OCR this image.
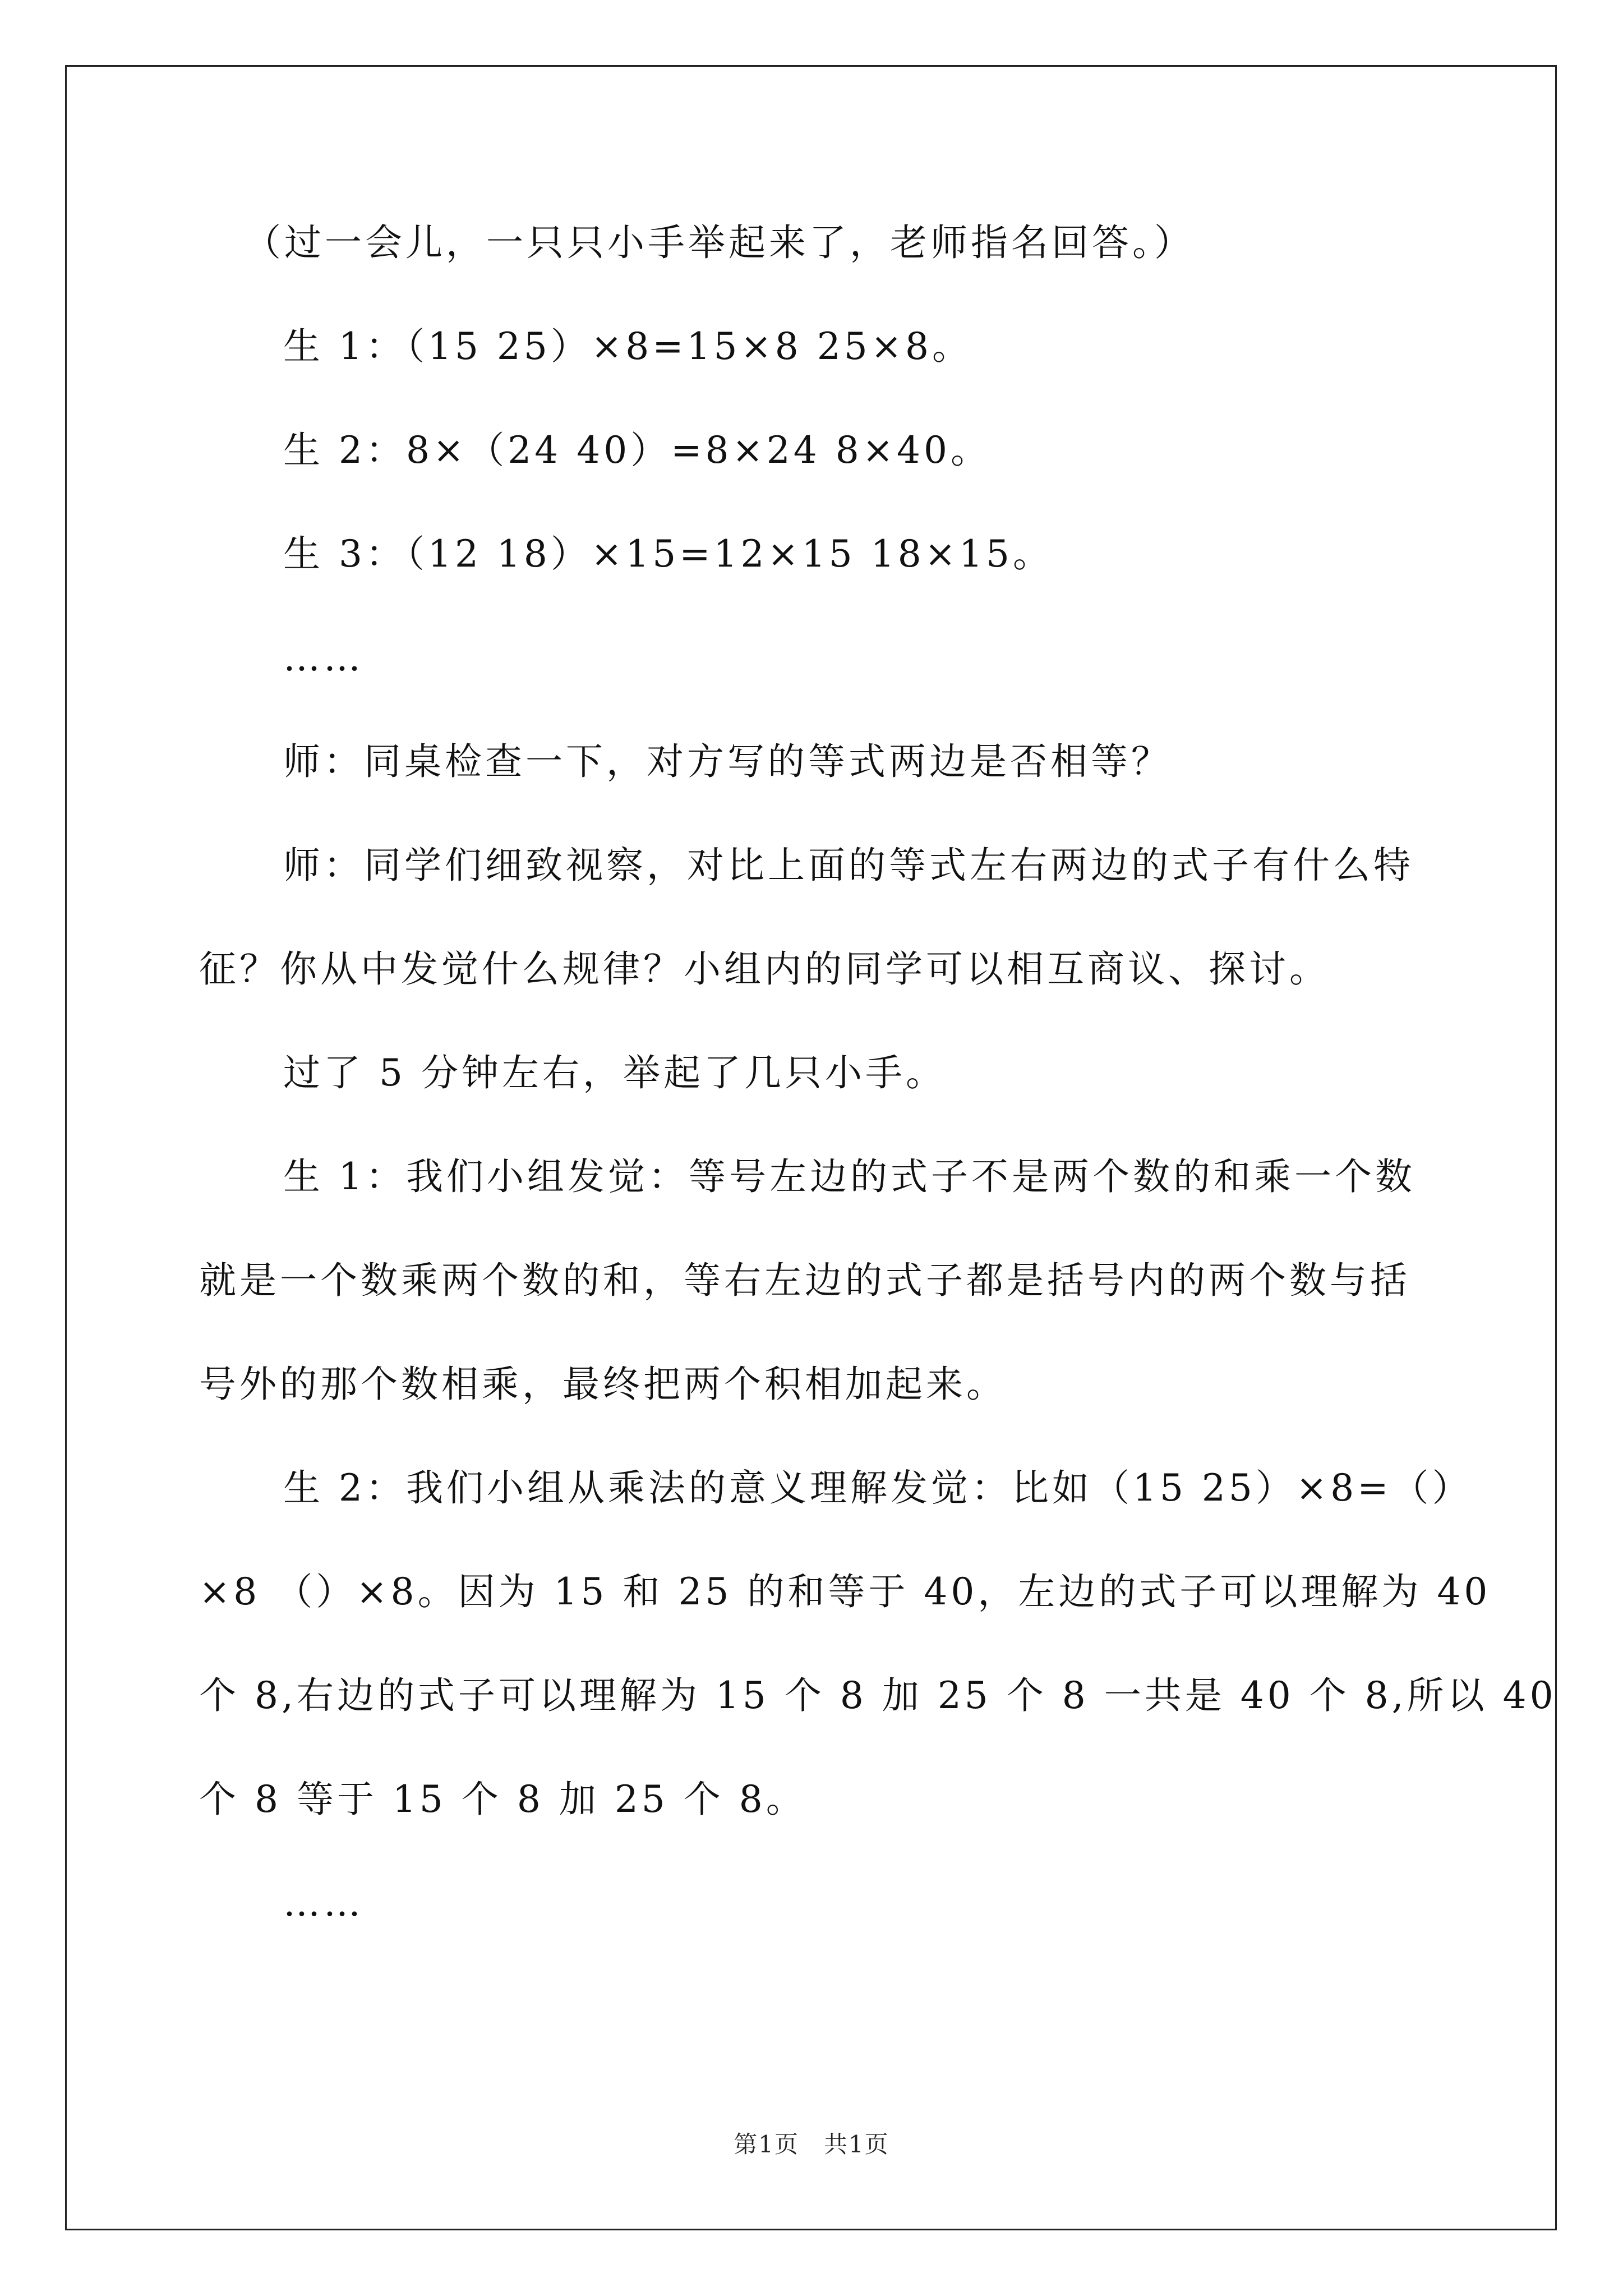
（过一会儿，一只只小手举起来了，老师指名回答。）
生 1：（15 25）×8=15×8 25×8。
生 2：8×（24 40）=8×24 8×40。
生 3：（12 18）×15=12×15 18×15。
……
师：同桌检查一下，对方写的等式两边是否相等？
师：同学们细致视察，对比上面的等式左右两边的式子有什么特
征？你从中发觉什么规律？小组内的同学可以相互商议、探讨。
过了 5 分钟左右，举起了几只小手。
生 1：我们小组发觉：等号左边的式子不是两个数的和乘一个数
就是一个数乘两个数的和，等右左边的式子都是括号内的两个数与括
号外的那个数相乘，最终把两个积相加起来。
生 2：我们小组从乘法的意义理解发觉：比如（15 25）×8=（）
×8 （）×8。因为 15 和 25 的和等于 40，左边的式子可以理解为 40
个 8,右边的式子可以理解为 15 个 8 加 25 个 8 一共是 40 个 8,所以 40
个 8 等于 15 个 8 加 25 个 8。
……
第1页　共1页
